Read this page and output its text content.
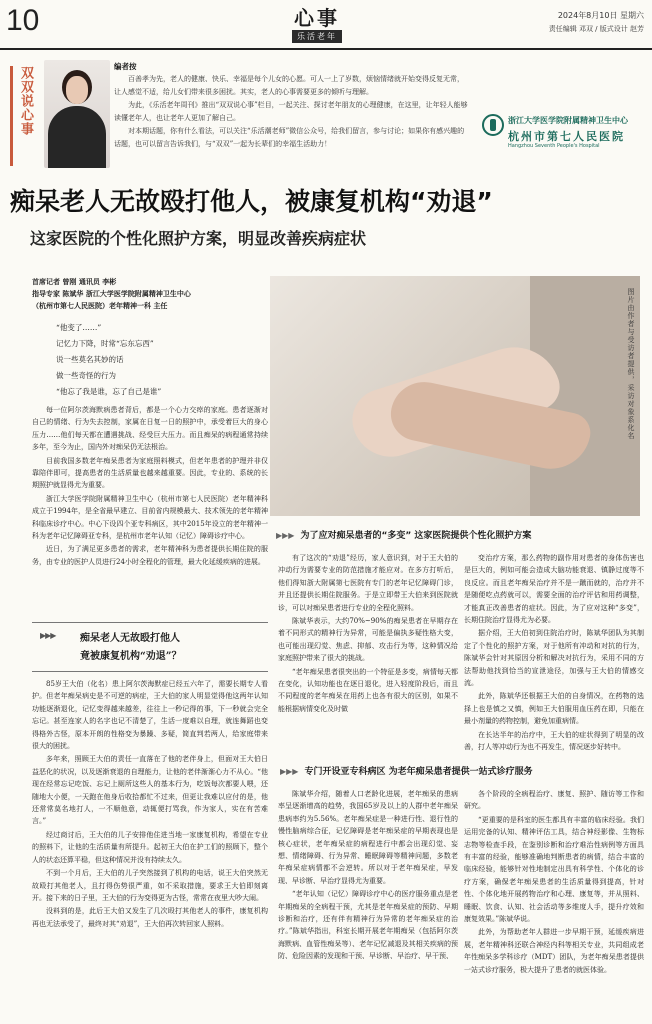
10	心事
乐活老年
2024年8月10日 星期六
责任编辑 邓双 / 版式设计 赵芳
双双说心事	编者按

百善孝为先，老人的健康、快乐、幸福是每个儿女的心愿。可人一上了岁数，烦恼情绪就开始变得反复无常，让人感觉不适，给儿女们带来很多困扰。其实，老人的心事需要更多的倾听与理解。

为此，《乐活老年周刊》推出“双双说心事”栏目，一起关注、探讨老年朋友的心理健康，在这里，让年轻人能够读懂老年人，也让老年人更加了解自己。

对本期话题，你有什么看法，可以关注“乐活潮老师”微信公众号，给我们留言，参与讨论；如果你有感兴趣的话题，也可以留言告诉我们，与“双双”一起为长辈们的幸福生活助力！

浙江大学医学院附属精神卫生中心
杭州市第七人民医院
Hangzhou Seventh People's Hospital
痴呆老人无故殴打他人，被康复机构“劝退”
这家医院的个性化照护方案，明显改善疾病症状
首席记者 曾刚 通讯员 李彬
指导专家 陈斌华 浙江大学医学院附属精神卫生中心
（杭州市第七人民医院）老年精神一科 主任
“他变了……”
记忆力下降，时常“忘东忘西”
说一些莫名其妙的话
做一些奇怪的行为
“他忘了我是谁，忘了自己是谁”	图片由作者与受访者提供，采访对象系化名

每一位阿尔茨海默病患者背后，都是一个心力交瘁的家庭。患者逐渐对自己的情绪、行为失去控制，家属在日复一日的照护中，承受着巨大的身心压力……他们每天都在遭遇挑战、经受巨大压力。而且痴呆的病程通常持续多年，至今为止，国内外对痴呆仍无法根治。

目前我国多数老年痴呆患者为家庭照料模式，但老年患者的护理并非仅靠陪伴即可，提高患者的生活质量也越来越重要。因此，专业的、系统的长期照护就显得尤为重要。

浙江大学医学院附属精神卫生中心（杭州市第七人民医院）老年精神科成立于1994年，是全省最早建立、目前省内规模最大、技术领先的老年精神科临床诊疗中心。中心下设四个亚专科病区，其中2015年设立的老年精神一科为老年记忆障碍亚专科，是杭州市老年认知（记忆）障碍诊疗中心。

近日，为了满足更多患者的需求，老年精神科为患者提供长期住院的服务，由专业的医护人员进行24小时全程化的管理，最大化延缓疾病的进展。

▶▶▶ 痴呆老人无故殴打他人
竟被康复机构“劝退”？

85岁王大伯（化名）患上阿尔茨海默症已经五六年了，需要长期专人看护。但老年痴呆病史是不可逆的病症，王大伯的家人明显觉得他这两年认知功能逐渐退化，记忆变得越来越差，往往上一秒记得的事，下一秒就会完全忘记。甚至连家人的名字也记不清楚了，生活一度难以自理，就连舞蹈也变得格外古怪，原本开朗的性格变为暴躁、多疑，简直判若两人，给家庭带来很大的困扰。

多年来，照顾王大伯的责任一直落在了他的老伴身上，但面对王大伯日益恶化的状况，以及逐渐衰退的自理能力，让他的老伴渐渐心力不从心。“他现在经常忘记吃饭、忘记上厕所这些人的基本行为，吃饭每次都要人喂，还随地大小便，一天跑在他身后收拾都忙不过来，但更让我难以应付的是，他还常常莫名地打人，一不顺他意，动辄便打骂我，作为家人，实在有苦难言。”

经过商讨后，王大伯的儿子安排他住进当地一家康复机构，希望在专业的照料下，让他的生活质量有所提升。起初王大伯在护工们的照顾下，整个人的状态还算平稳，但这种情况并没有持续太久。

不到一个月后，王大伯的儿子突然接到了机构的电话，说王大伯突然无故殴打其他老人，且打得伤势很严重，如不采取措施，要求王大伯即刻离开。接下来的日子里，王大伯的行为变得更为古怪，常常在夜里大吵大闹。

没料到的是，此后王大伯又发生了几次殴打其他老人的事件，康复机构再也无法承受了，最终对其“劝退”，王大伯再次转回家人照料。

▶▶▶ 为了应对痴呆患者的“多变” 这家医院提供个性化照护方案

有了这次的“劝退”经历，家人意识到，对于王大伯的冲动行为需要专业的防范措施才能应对。在多方打听后，他们得知浙大附属第七医院有专门的老年记忆障碍门诊，并且还提供长期住院服务。于是立即带王大伯来到医院就诊，可以对痴呆患者进行专业的全程化照料。

陈斌华表示，大约70%~90%的痴呆患者在早期存在着不同形式的精神行为异常，可能是偏执多疑性格大变，也可能出现幻觉、焦虑、抑郁、攻击行为等，这种情况给家庭照护带来了很大的挑战。

“老年痴呆患者很突出的一个特征是多变，病情每天都在变化，认知功能也在逐日退化，进入轻度阶段后，而且不同程度的老年痴呆在用药上也各有很大的区别，如果不能根据病情变化及时做

变治疗方案，那么药物的副作用对患者的身体伤害也是巨大的，例如可能会造成大脑功能衰退、镇静过度等不良反应。而且老年痴呆治疗并不是一蹴而就的，治疗并不是随便吃点药就可以，需要全面的治疗评估和用药调整，才能真正改善患者的症状。因此，为了应对这种“多变”，长期住院治疗显得尤为必要。

据介绍，王大伯初到住院治疗时，陈斌华团队为其制定了个性化的照护方案，对于他所有冲动和对抗的行为，陈斌华会针对其原因分析和解决对抗行为，采用不同的方法帮助他找到恰当的宣泄途径，加强与王大伯的情感交流。

此外，陈斌华还根据王大伯的自身情况，在药物的选择上也是慎之又慎，例如王大伯服用血压药在即，只能在最小剂量的药物控制，避免加重病情。

在长达半年的治疗中，王大伯的症状得到了明显的改善，打人等冲动行为也不再发生，情况逐步好转中。

▶▶▶ 专门开设亚专科病区 为老年痴呆患者提供一站式诊疗服务

陈斌华介绍，随着人口老龄化进展，老年痴呆的患病率呈逐渐增高的趋势，我国65岁及以上的人群中老年痴呆患病率约为5.56%。老年痴呆症是一种进行性、退行性的慢性脑病综合征，记忆障碍是老年痴呆症的早期表现也是核心症状，老年痴呆症的病程进行中都会出现幻觉、妄想、情绪障碍、行为异常、睡眠障碍等精神问题，多数老年痴呆症病情都不会逆转。所以对于老年痴呆症，早发现、早诊断、早治疗显得尤为重要。

“老年认知（记忆）障碍诊疗中心的医疗服务重点是老年期痴呆的全病程干预，尤其是老年痴呆症的预防、早期诊断和治疗，还有伴有精神行为异常的老年痴呆症的治疗。”陈斌华指出，科室长期开展老年期痴呆（包括阿尔茨海默病、血管性痴呆等）、老年记忆减退及其相关疾病的预防、危险因素的发现和干预、早诊断、早治疗、早干预、

各个阶段的全病程治疗、康复、照护、随访等工作和研究。

“更重要的是科室的医生都具有丰富的临床经验。我们运用完备的认知、精神评估工具，结合神经影像、生物标志物等检查手段，在鉴别诊断和治疗难治性病例等方面具有丰富的经验，能够准确地判断患者的病情，结合丰富的临床经验，能够针对性地制定出具有科学性、个体化的诊疗方案，确保老年痴呆患者的生活质量得到提高，针对性、个体化地开展药物治疗和心理、康复等，并从照料、睡眠、饮食、认知、社会活动等多维度人手，提升疗效和康复效果。”陈斌华说。

此外，为帮助老年人群进一步早期干预，延缓疾病进展，老年精神科还联合神经内科等相关专业，共同组成老年性痴呆多学科诊疗（MDT）团队，为老年痴呆患者提供一站式诊疗服务，极大提升了患者的就医体验。
